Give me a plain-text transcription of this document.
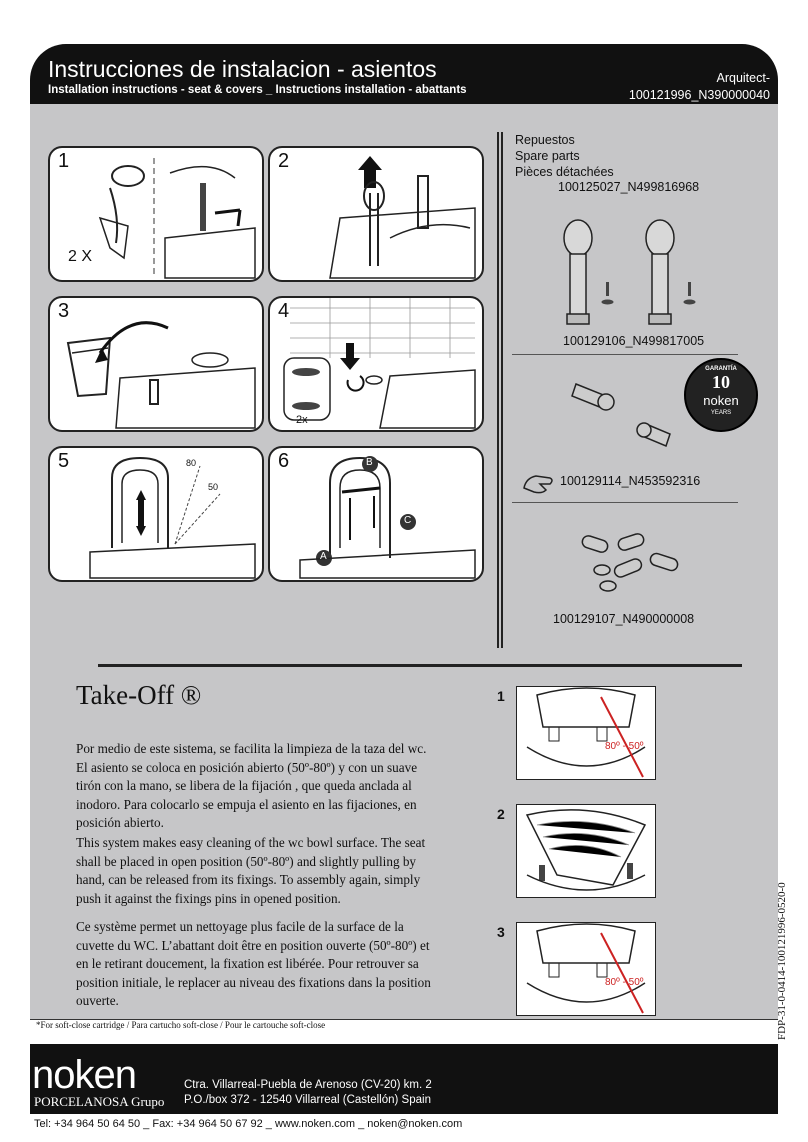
Instrucciones de instalacion - asientos
Installation instructions - seat & covers _ Instructions installation - abattants
Arquitect-
100121996_N390000040
1
2 X
2
3	4
2x
5	80
50
6	B
C
A
Repuestos
Spare parts
Pièces détachées
100125027_N499816968
100129106_N499817005
GARANTÍA
10
noken
YEARS
100129114_N453592316
100129107_N490000008
Take-Off ®
Por medio de este sistema, se facilita la limpieza de la taza del wc. El asiento se coloca en posición abierto (50º-80º) y con un suave tirón con la mano, se libera de la fijación , que queda anclada al inodoro. Para colocarlo se empuja el asiento en las fijaciones, en posición abierto.
This system makes easy cleaning of the wc bowl surface. The seat shall be placed in open position (50º-80º) and slightly pulling by hand, can be released from its fixings. To assembly again, simply push it against the fixings pins in opened position.
Ce système permet un nettoyage plus facile de la surface de la cuvette du WC. L’abattant doit être en position ouverte (50º-80º) et en le retirant doucement, la fixation est libérée. Pour retrouver sa position initiale, le replacer au niveau des fixations dans la position ouverte.
1
80º - 50º
2
3
80º - 50º
*For soft-close cartridge / Para cartucho soft-close / Pour le cartouche soft-close	FDP-31-0-0414-100121996-0520-0
noken
PORCELANOSA Grupo
Ctra. Villarreal-Puebla de Arenoso (CV-20) km. 2
P.O./box 372 - 12540 Villarreal (Castellón) Spain
Tel: +34 964 50 64 50 _ Fax: +34 964 50 67 92 _ www.noken.com _ noken@noken.com
